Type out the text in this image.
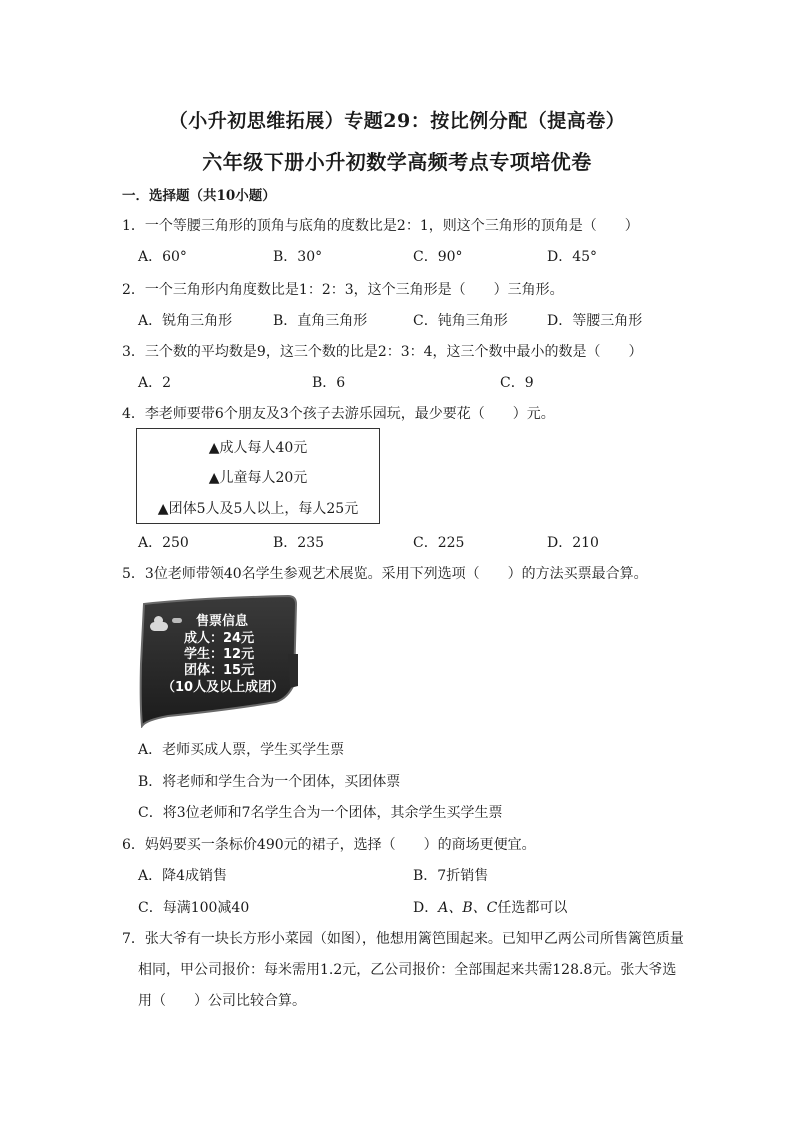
（小升初思维拓展）专题29：按比例分配（提高卷）
六年级下册小升初数学高频考点专项培优卷
一．选择题（共10小题）
1．一个等腰三角形的顶角与底角的度数比是2：1，则这个三角形的顶角是（　　）
A．60°	B．30°	C．90°	D．45°
2．一个三角形内角度数比是1：2：3，这个三角形是（　　）三角形。
A．锐角三角形	B．直角三角形	C．钝角三角形	D．等腰三角形
3．三个数的平均数是9，这三个数的比是2：3：4，这三个数中最小的数是（　　）
A．2	B．6	C．9
4．李老师要带6个朋友及3个孩子去游乐园玩，最少要花（　　）元。
▲成人每人40元
▲儿童每人20元
▲团体5人及5人以上，每人25元
A．250	B．235	C．225	D．210
5．3位老师带领40名学生参观艺术展览。采用下列选项（　　）的方法买票最合算。
售票信息
成人：24元
学生：12元
团体：15元
（10人及以上成团）
A．老师买成人票，学生买学生票
B．将老师和学生合为一个团体，买团体票
C．将3位老师和7名学生合为一个团体，其余学生买学生票
6．妈妈要买一条标价490元的裙子，选择（　　）的商场更便宜。
A．降4成销售	B．7折销售
C．每满100减40	D．A、B、C任选都可以
7．张大爷有一块长方形小菜园（如图），他想用篱笆围起来。已知甲乙两公司所售篱笆质量
相同，甲公司报价：每米需用1.2元，乙公司报价：全部围起来共需128.8元。张大爷选
用（　　）公司比较合算。
